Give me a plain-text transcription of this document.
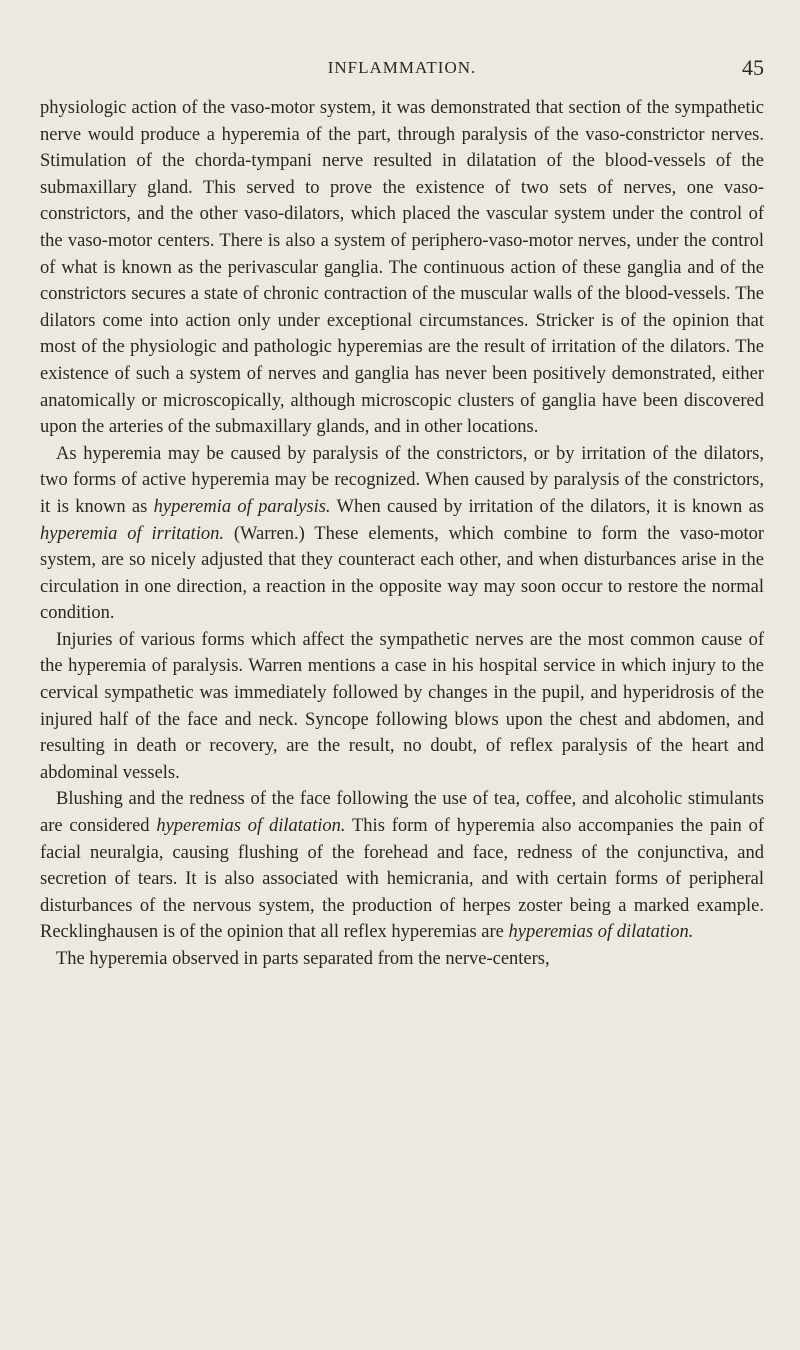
INFLAMMATION.	45

physiologic action of the vaso-motor system, it was demonstrated that section of the sympathetic nerve would produce a hyperemia of the part, through paralysis of the vaso-constrictor nerves. Stimulation of the chorda-tympani nerve resulted in dilatation of the blood-vessels of the submaxillary gland. This served to prove the existence of two sets of nerves, one vaso-constrictors, and the other vaso-dilators, which placed the vascular system under the control of the vaso-motor centers. There is also a system of periphero-vaso-motor nerves, under the control of what is known as the perivascular ganglia. The continuous action of these ganglia and of the constrictors secures a state of chronic contraction of the muscular walls of the blood-vessels. The dilators come into action only under exceptional circumstances. Stricker is of the opinion that most of the physiologic and pathologic hyperemias are the result of irritation of the dilators. The existence of such a system of nerves and ganglia has never been positively demonstrated, either anatomically or microscopically, although microscopic clusters of ganglia have been discovered upon the arteries of the submaxillary glands, and in other locations.

As hyperemia may be caused by paralysis of the constrictors, or by irritation of the dilators, two forms of active hyperemia may be recognized. When caused by paralysis of the constrictors, it is known as hyperemia of paralysis. When caused by irritation of the dilators, it is known as hyperemia of irritation. (Warren.) These elements, which combine to form the vaso-motor system, are so nicely adjusted that they counteract each other, and when disturbances arise in the circulation in one direction, a reaction in the opposite way may soon occur to restore the normal condition.

Injuries of various forms which affect the sympathetic nerves are the most common cause of the hyperemia of paralysis. Warren mentions a case in his hospital service in which injury to the cervical sympathetic was immediately followed by changes in the pupil, and hyperidrosis of the injured half of the face and neck. Syncope following blows upon the chest and abdomen, and resulting in death or recovery, are the result, no doubt, of reflex paralysis of the heart and abdominal vessels.

Blushing and the redness of the face following the use of tea, coffee, and alcoholic stimulants are considered hyperemias of dilatation. This form of hyperemia also accompanies the pain of facial neuralgia, causing flushing of the forehead and face, redness of the conjunctiva, and secretion of tears. It is also associated with hemicrania, and with certain forms of peripheral disturbances of the nervous system, the production of herpes zoster being a marked example. Recklinghausen is of the opinion that all reflex hyperemias are hyperemias of dilatation.

The hyperemia observed in parts separated from the nerve-centers,
